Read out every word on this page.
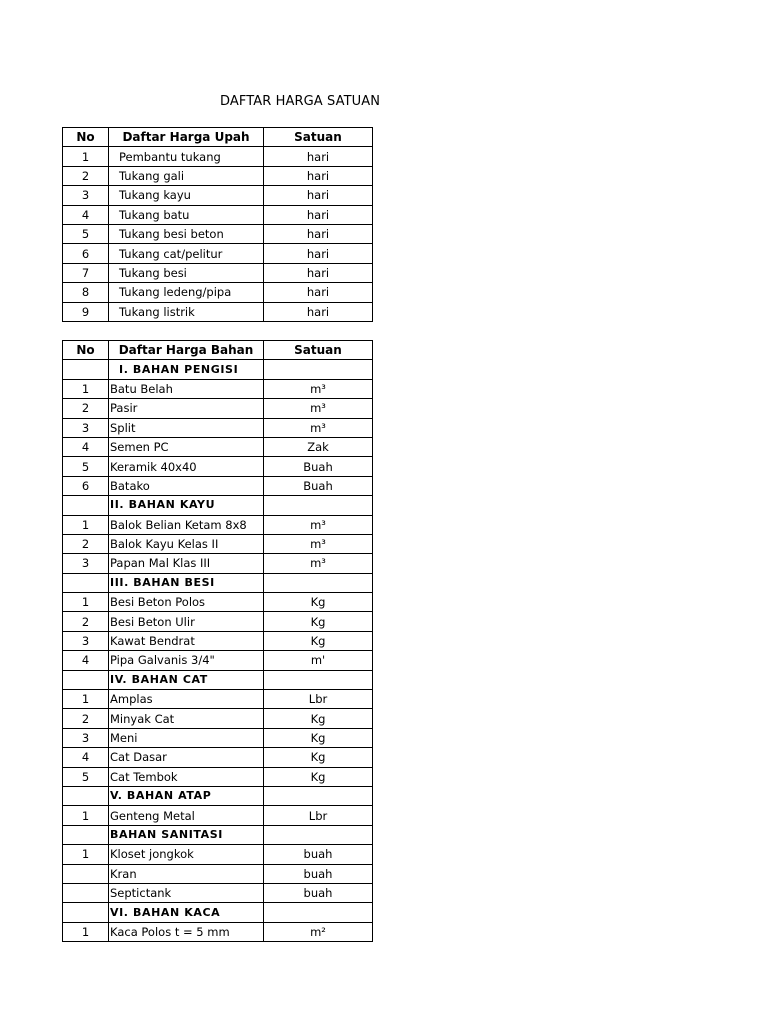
DAFTAR HARGA SATUAN
No	Daftar Harga Upah	Satuan
1	Pembantu tukang	hari
2	Tukang gali	hari
3	Tukang kayu	hari
4	Tukang batu	hari
5	Tukang besi beton	hari
6	Tukang cat/pelitur	hari
7	Tukang besi	hari
8	Tukang ledeng/pipa	hari
9	Tukang listrik	hari
No	Daftar Harga Bahan	Satuan
	I. BAHAN PENGISI	
1	Batu Belah	m³
2	Pasir	m³
3	Split	m³
4	Semen PC	Zak
5	Keramik 40x40	Buah
6	Batako	Buah
	II. BAHAN KAYU	
1	Balok Belian Ketam 8x8	m³
2	Balok Kayu Kelas II	m³
3	Papan Mal Klas III	m³
	III. BAHAN BESI	
1	Besi Beton Polos	Kg
2	Besi Beton Ulir	Kg
3	Kawat Bendrat	Kg
4	Pipa Galvanis 3/4"	m'
	IV. BAHAN CAT	
1	Amplas	Lbr
2	Minyak Cat	Kg
3	Meni	Kg
4	Cat Dasar	Kg
5	Cat Tembok	Kg
	V. BAHAN ATAP	
1	Genteng Metal	Lbr
	BAHAN SANITASI	
1	Kloset jongkok	buah
	Kran	buah
	Septictank	buah
	VI. BAHAN KACA	
1	Kaca Polos t = 5 mm	m²
